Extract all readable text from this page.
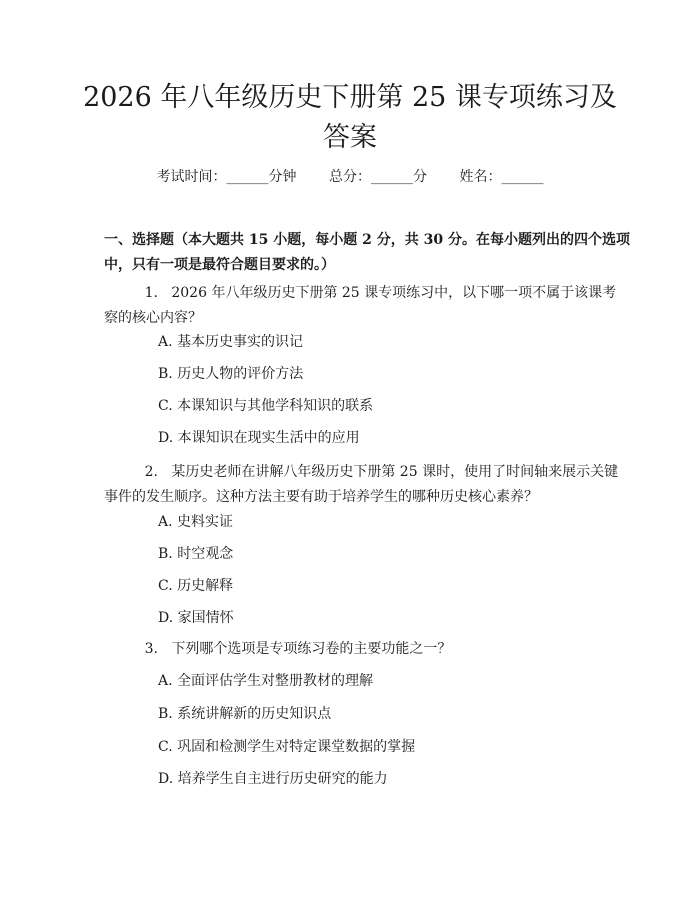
2026 年八年级历史下册第 25 课专项练习及
答案
考试时间：______分钟 总分：______分 姓名：______
一、选择题（本大题共 15 小题，每小题 2 分，共 30 分。在每小题列出的四个选项中，只有一项是最符合题目要求的。）
1. 2026 年八年级历史下册第 25 课专项练习中，以下哪一项不属于该课考察的核心内容？
A. 基本历史事实的识记
B. 历史人物的评价方法
C. 本课知识与其他学科知识的联系
D. 本课知识在现实生活中的应用
2. 某历史老师在讲解八年级历史下册第 25 课时，使用了时间轴来展示关键事件的发生顺序。这种方法主要有助于培养学生的哪种历史核心素养？
A. 史料实证
B. 时空观念
C. 历史解释
D. 家国情怀
3. 下列哪个选项是专项练习卷的主要功能之一？
A. 全面评估学生对整册教材的理解
B. 系统讲解新的历史知识点
C. 巩固和检测学生对特定课堂数据的掌握
D. 培养学生自主进行历史研究的能力
